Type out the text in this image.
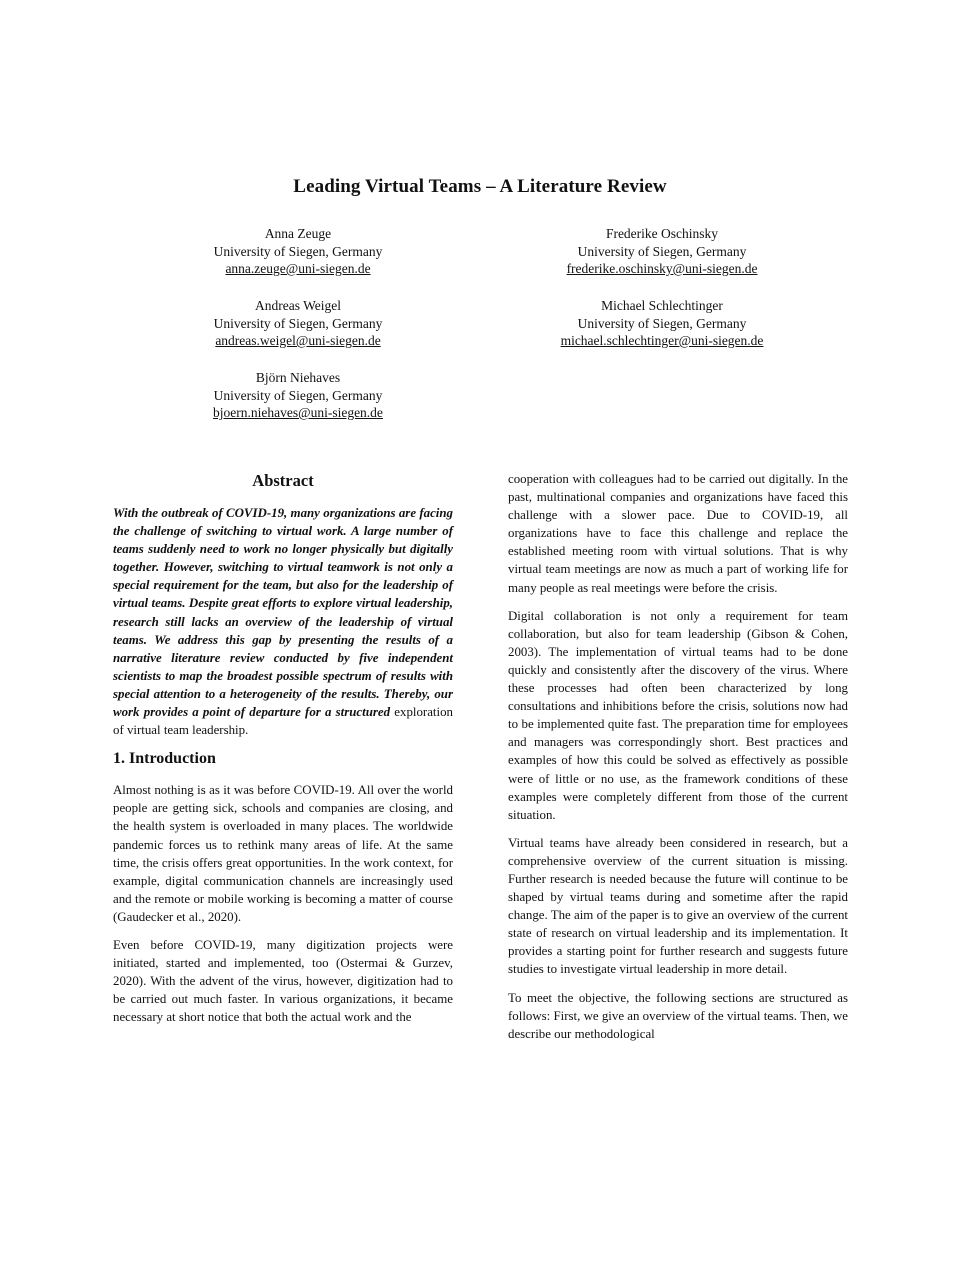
Leading Virtual Teams – A Literature Review
Anna Zeuge
University of Siegen, Germany
anna.zeuge@uni-siegen.de
Frederike Oschinsky
University of Siegen, Germany
frederike.oschinsky@uni-siegen.de
Andreas Weigel
University of Siegen, Germany
andreas.weigel@uni-siegen.de
Michael Schlechtinger
University of Siegen, Germany
michael.schlechtinger@uni-siegen.de
Björn Niehaves
University of Siegen, Germany
bjoern.niehaves@uni-siegen.de
Abstract

With the outbreak of COVID-19, many organizations are facing the challenge of switching to virtual work. A large number of teams suddenly need to work no longer physically but digitally together. However, switching to virtual teamwork is not only a special requirement for the team, but also for the leadership of virtual teams. Despite great efforts to explore virtual leadership, research still lacks an overview of the leadership of virtual teams. We address this gap by presenting the results of a narrative literature review conducted by five independent scientists to map the broadest possible spectrum of results with special attention to a heterogeneity of the results. Thereby, our work provides a point of departure for a structured exploration of virtual team leadership.

1. Introduction

Almost nothing is as it was before COVID-19. All over the world people are getting sick, schools and companies are closing, and the health system is overloaded in many places. The worldwide pandemic forces us to rethink many areas of life. At the same time, the crisis offers great opportunities. In the work context, for example, digital communication channels are increasingly used and the remote or mobile working is becoming a matter of course (Gaudecker et al., 2020).

Even before COVID-19, many digitization projects were initiated, started and implemented, too (Ostermai & Gurzev, 2020). With the advent of the virus, however, digitization had to be carried out much faster. In various organizations, it became necessary at short notice that both the actual work and the

cooperation with colleagues had to be carried out digitally. In the past, multinational companies and organizations have faced this challenge with a slower pace. Due to COVID-19, all organizations have to face this challenge and replace the established meeting room with virtual solutions. That is why virtual team meetings are now as much a part of working life for many people as real meetings were before the crisis.

Digital collaboration is not only a requirement for team collaboration, but also for team leadership (Gibson & Cohen, 2003). The implementation of virtual teams had to be done quickly and consistently after the discovery of the virus. Where these processes had often been characterized by long consultations and inhibitions before the crisis, solutions now had to be implemented quite fast. The preparation time for employees and managers was correspondingly short. Best practices and examples of how this could be solved as effectively as possible were of little or no use, as the framework conditions of these examples were completely different from those of the current situation.

Virtual teams have already been considered in research, but a comprehensive overview of the current situation is missing. Further research is needed because the future will continue to be shaped by virtual teams during and sometime after the rapid change. The aim of the paper is to give an overview of the current state of research on virtual leadership and its implementation. It provides a starting point for further research and suggests future studies to investigate virtual leadership in more detail.

To meet the objective, the following sections are structured as follows: First, we give an overview of the virtual teams. Then, we describe our methodological
